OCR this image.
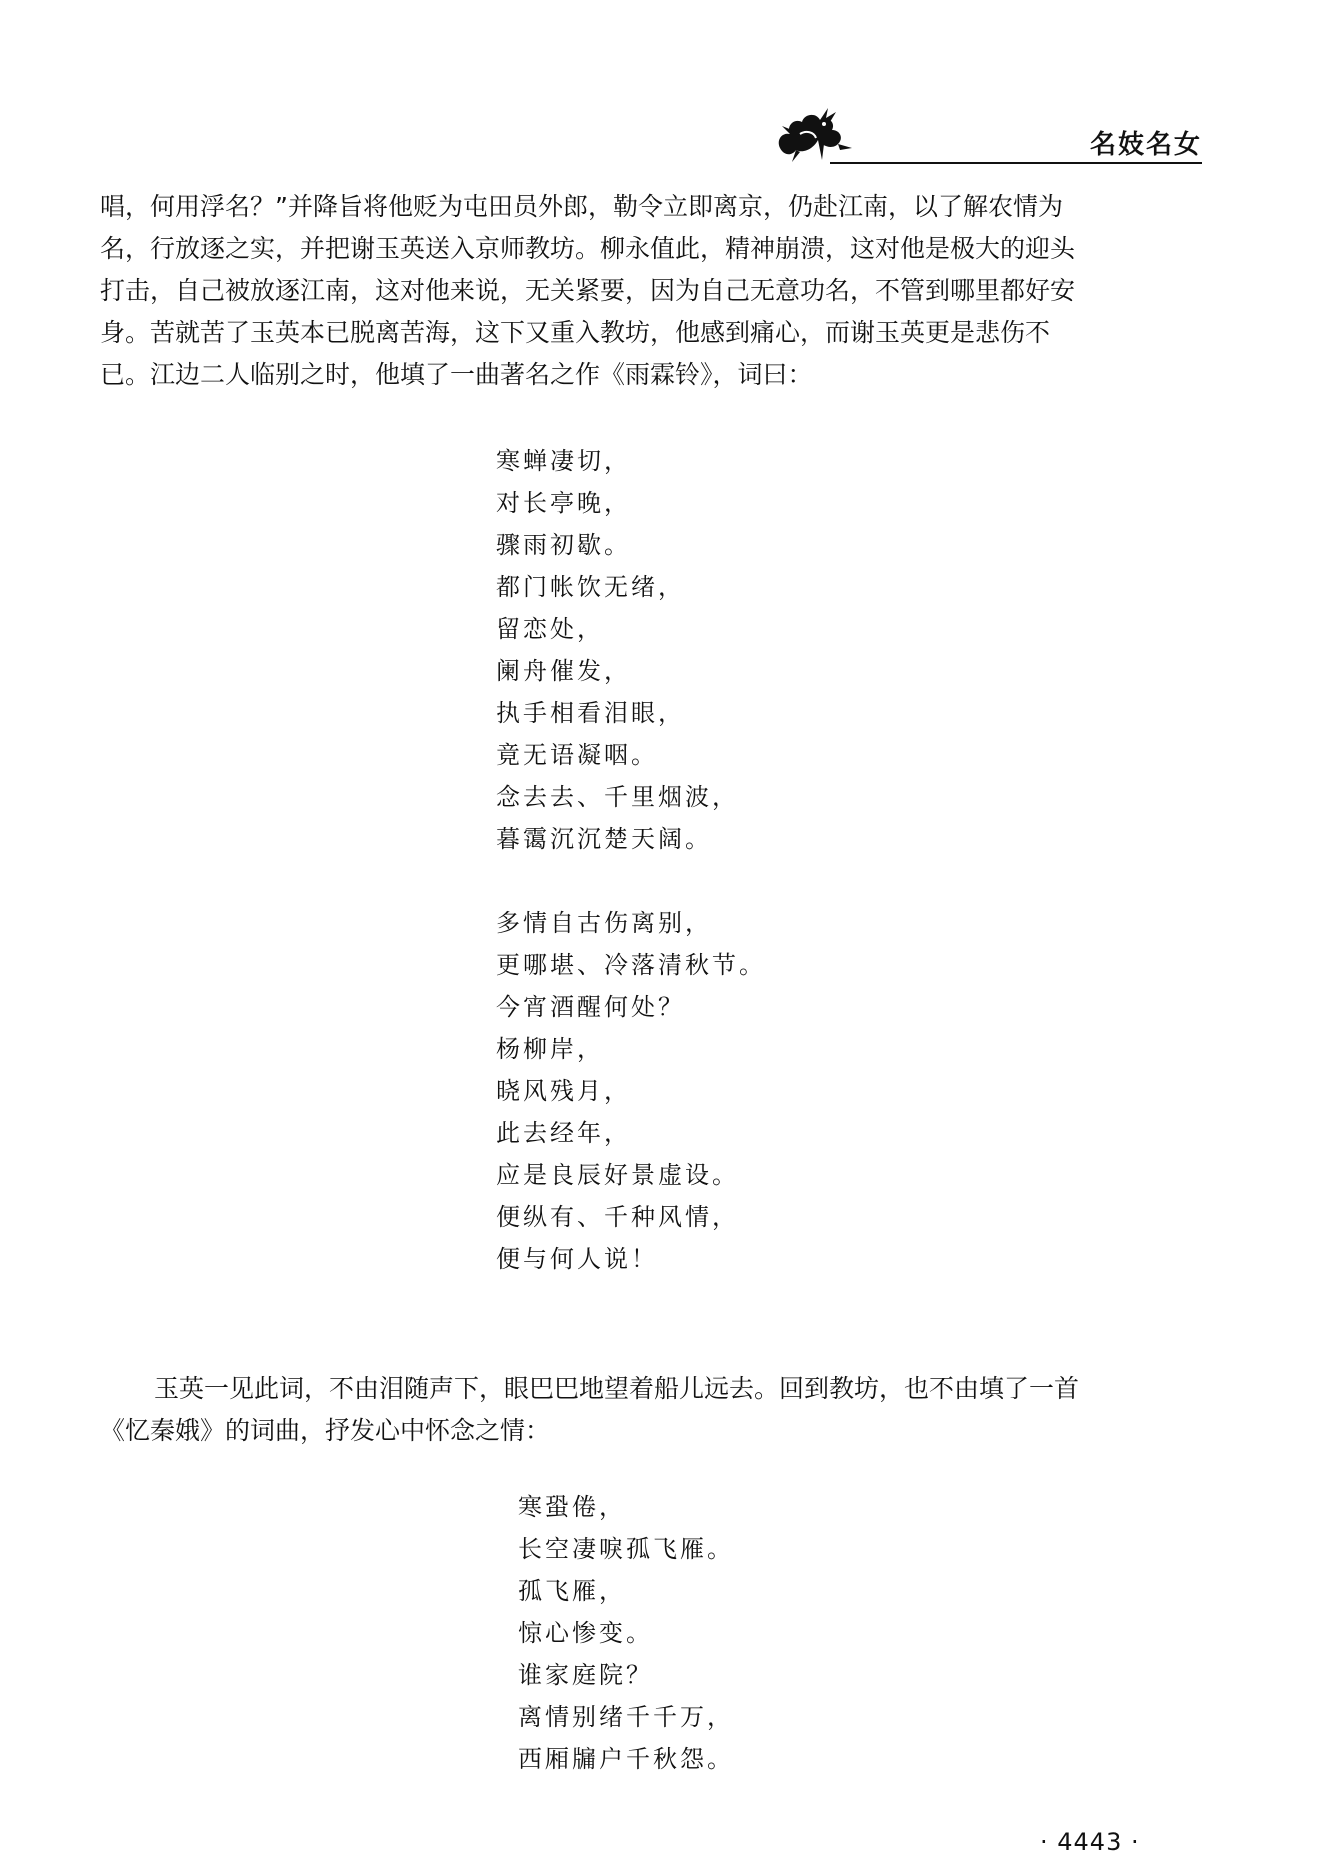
名妓名女

唱，何用浮名？”并降旨将他贬为屯田员外郎，勒令立即离京，仍赴江南，以了解农情为

名，行放逐之实，并把谢玉英送入京师教坊。柳永值此，精神崩溃，这对他是极大的迎头

打击，自己被放逐江南，这对他来说，无关紧要，因为自己无意功名，不管到哪里都好安

身。苦就苦了玉英本已脱离苦海，这下又重入教坊，他感到痛心，而谢玉英更是悲伤不

已。江边二人临别之时，他填了一曲著名之作《雨霖铃》，词曰：

寒蝉凄切，
对长亭晚，
骤雨初歇。
都门帐饮无绪，
留恋处，
阑舟催发，
执手相看泪眼，
竟无语凝咽。
念去去、千里烟波，
暮霭沉沉楚天阔。
多情自古伤离别，
更哪堪、冷落清秋节。
今宵酒醒何处？
杨柳岸，
晓风残月，
此去经年，
应是良辰好景虚设。
便纵有、千种风情，
便与何人说！

玉英一见此词，不由泪随声下，眼巴巴地望着船儿远去。回到教坊，也不由填了一首

《忆秦娥》的词曲，抒发心中怀念之情：

寒蛩倦，
长空凄唳孤飞雁。
孤飞雁，
惊心惨变。
谁家庭院？
离情别绪千千万，
西厢牖户千秋怨。
· 4443 ·
